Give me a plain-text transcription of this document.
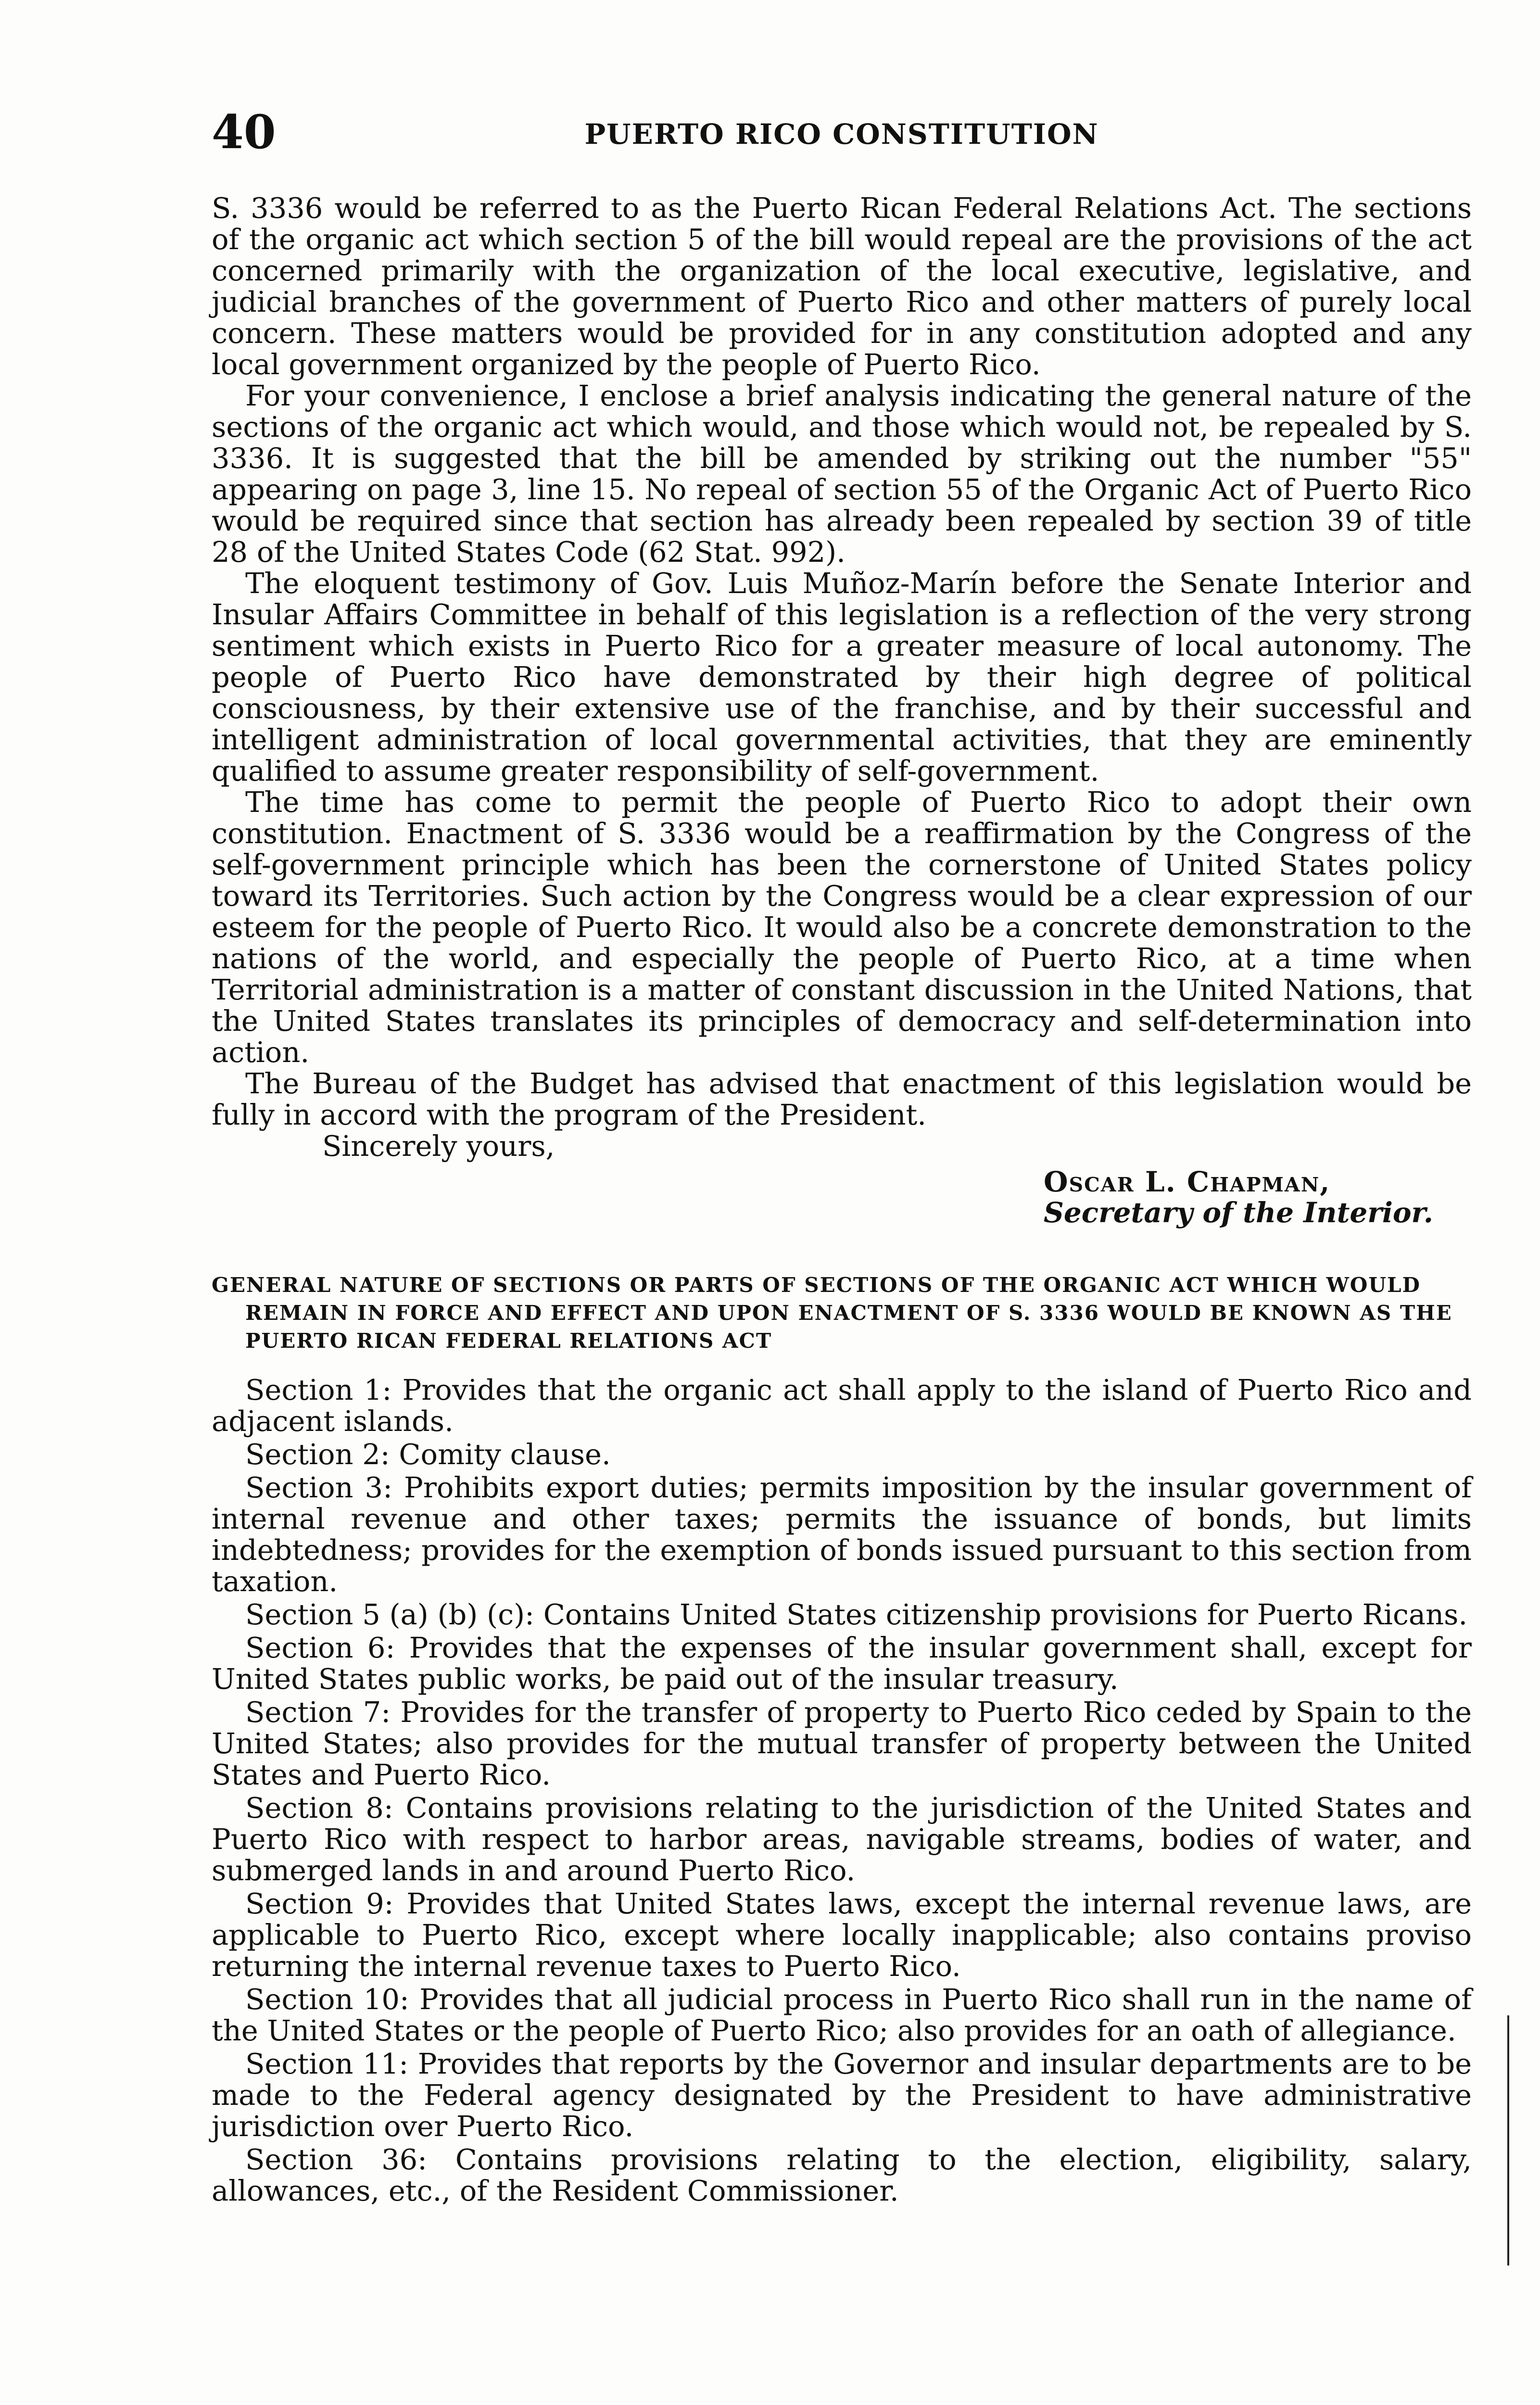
40	PUERTO RICO CONSTITUTION

S. 3336 would be referred to as the Puerto Rican Federal Relations Act. The sections of the organic act which section 5 of the bill would repeal are the provisions of the act concerned primarily with the organization of the local executive, legislative, and judicial branches of the government of Puerto Rico and other matters of purely local concern. These matters would be provided for in any constitution adopted and any local government organized by the people of Puerto Rico.

For your convenience, I enclose a brief analysis indicating the general nature of the sections of the organic act which would, and those which would not, be repealed by S. 3336. It is suggested that the bill be amended by striking out the number "55" appearing on page 3, line 15. No repeal of section 55 of the Organic Act of Puerto Rico would be required since that section has already been repealed by section 39 of title 28 of the United States Code (62 Stat. 992).

The eloquent testimony of Gov. Luis Muñoz-Marín before the Senate Interior and Insular Affairs Committee in behalf of this legislation is a reflection of the very strong sentiment which exists in Puerto Rico for a greater measure of local autonomy. The people of Puerto Rico have demonstrated by their high degree of political consciousness, by their extensive use of the franchise, and by their successful and intelligent administration of local governmental activities, that they are eminently qualified to assume greater responsibility of self-government.

The time has come to permit the people of Puerto Rico to adopt their own constitution. Enactment of S. 3336 would be a reaffirmation by the Congress of the self-government principle which has been the cornerstone of United States policy toward its Territories. Such action by the Congress would be a clear expression of our esteem for the people of Puerto Rico. It would also be a concrete demonstration to the nations of the world, and especially the people of Puerto Rico, at a time when Territorial administration is a matter of constant discussion in the United Nations, that the United States translates its principles of democracy and self-determination into action.

The Bureau of the Budget has advised that enactment of this legislation would be fully in accord with the program of the President.

Sincerely yours,
Oscar L. Chapman,
Secretary of the Interior.
GENERAL NATURE OF SECTIONS OR PARTS OF SECTIONS OF THE ORGANIC ACT WHICH WOULD REMAIN IN FORCE AND EFFECT AND UPON ENACTMENT OF S. 3336 WOULD BE KNOWN AS THE PUERTO RICAN FEDERAL RELATIONS ACT

Section 1: Provides that the organic act shall apply to the island of Puerto Rico and adjacent islands.

Section 2: Comity clause.

Section 3: Prohibits export duties; permits imposition by the insular government of internal revenue and other taxes; permits the issuance of bonds, but limits indebtedness; provides for the exemption of bonds issued pursuant to this section from taxation.

Section 5 (a) (b) (c): Contains United States citizenship provisions for Puerto Ricans.

Section 6: Provides that the expenses of the insular government shall, except for United States public works, be paid out of the insular treasury.

Section 7: Provides for the transfer of property to Puerto Rico ceded by Spain to the United States; also provides for the mutual transfer of property between the United States and Puerto Rico.

Section 8: Contains provisions relating to the jurisdiction of the United States and Puerto Rico with respect to harbor areas, navigable streams, bodies of water, and submerged lands in and around Puerto Rico.

Section 9: Provides that United States laws, except the internal revenue laws, are applicable to Puerto Rico, except where locally inapplicable; also contains proviso returning the internal revenue taxes to Puerto Rico.

Section 10: Provides that all judicial process in Puerto Rico shall run in the name of the United States or the people of Puerto Rico; also provides for an oath of allegiance.

Section 11: Provides that reports by the Governor and insular departments are to be made to the Federal agency designated by the President to have administrative jurisdiction over Puerto Rico.

Section 36: Contains provisions relating to the election, eligibility, salary, allowances, etc., of the Resident Commissioner.
